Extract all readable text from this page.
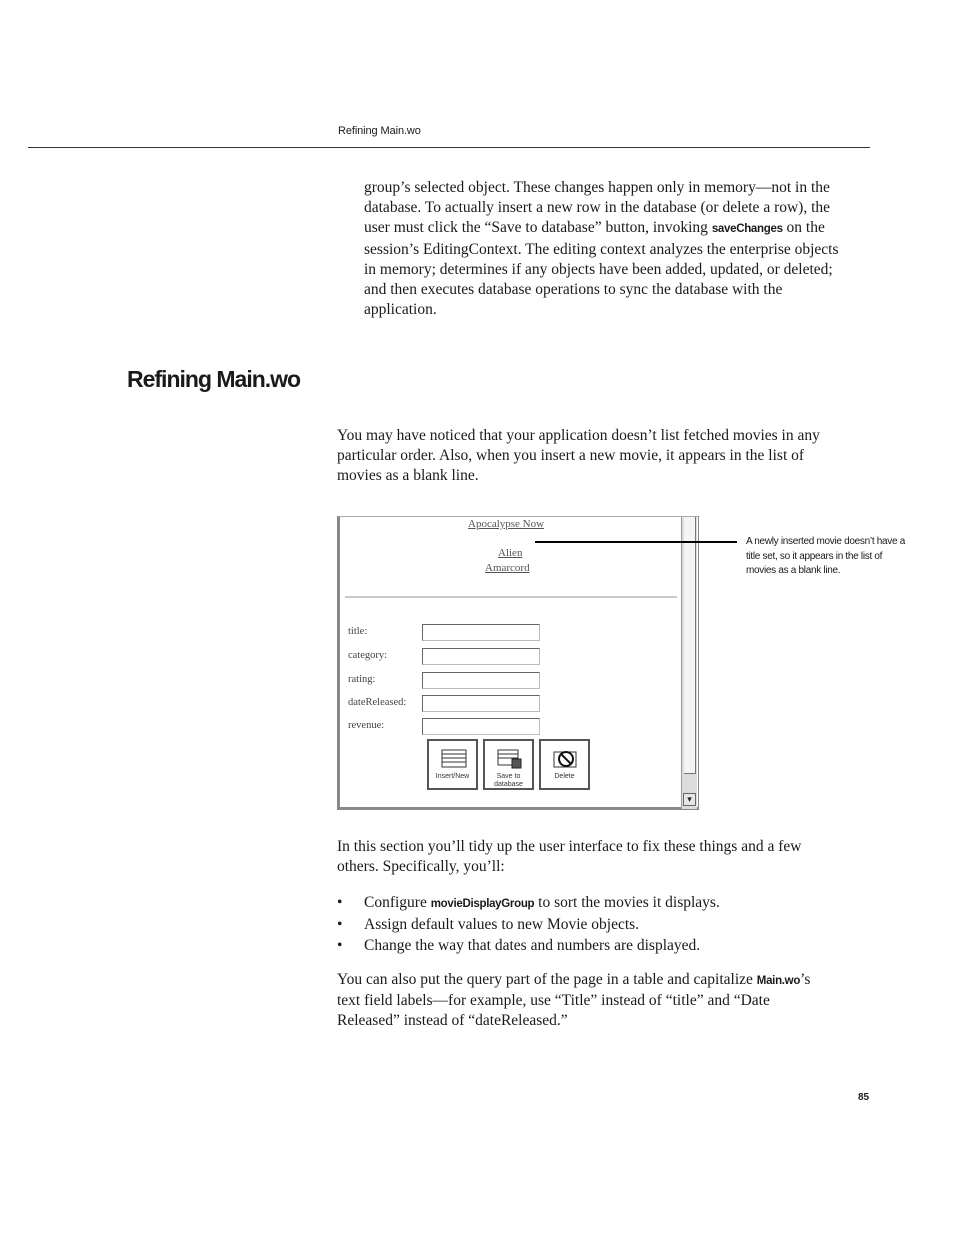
Refining Main.wo

group’s selected object. These changes happen only in memory—not in the database. To actually insert a new row in the database (or delete a row), the user must click the “Save to database” button, invoking saveChanges on the session’s EditingContext. The editing context analyzes the enterprise objects in memory; determines if any objects have been added, updated, or deleted; and then executes database operations to sync the database with the application.

Refining Main.wo

You may have noticed that your application doesn’t list fetched movies in any particular order. Also, when you insert a new movie, it appears in the list of movies as a blank line.

Apocalypse Now
Alien
Amarcord
title:
category:
rating:
dateReleased:
revenue:
Insert/New	Save to database
Delete
▾

A newly inserted movie doesn’t have a title set, so it appears in the list of movies as a blank line.

In this section you’ll tidy up the user interface to fix these things and a few others. Specifically, you’ll:

• Configure movieDisplayGroup to sort the movies it displays.
• Assign default values to new Movie objects.
• Change the way that dates and numbers are displayed.

You can also put the query part of the page in a table and capitalize Main.wo’s text field labels—for example, use “Title” instead of “title” and “Date Released” instead of “dateReleased.”

85
